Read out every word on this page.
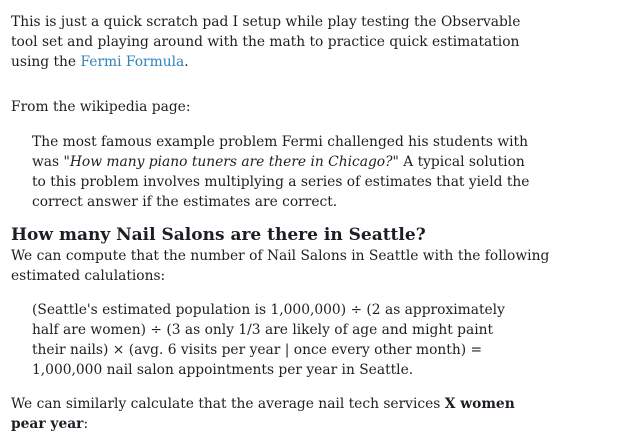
This is just a quick scratch pad I setup while play testing the Observable tool set and playing around with the math to practice quick estimatation using the Fermi Formula.

From the wikipedia page:

The most famous example problem Fermi challenged his students with was "How many piano tuners are there in Chicago?" A typical solution to this problem involves multiplying a series of estimates that yield the correct answer if the estimates are correct.

How many Nail Salons are there in Seattle?

We can compute that the number of Nail Salons in Seattle with the following estimated calulations:

(Seattle's estimated population is 1,000,000) ÷ (2 as approximately half are women) ÷ (3 as only 1/3 are likely of age and might paint their nails) × (avg. 6 visits per year | once every other month) = 1,000,000 nail salon appointments per year in Seattle.

We can similarly calculate that the average nail tech services X women pear year:
